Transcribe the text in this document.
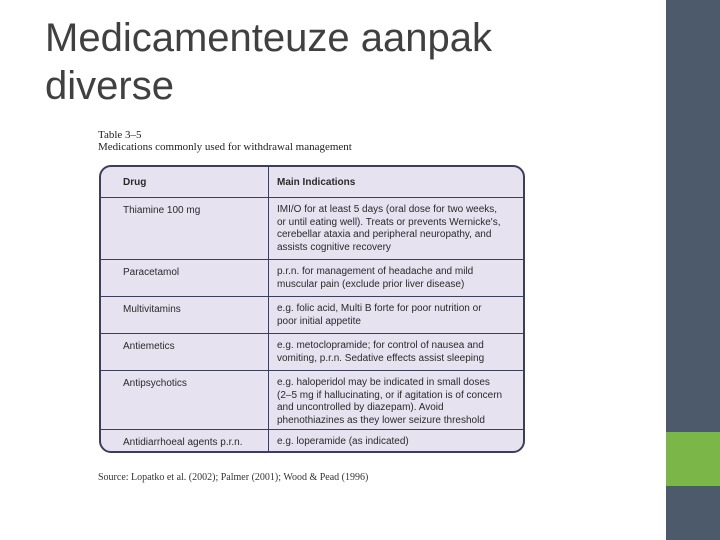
Medicamenteuze aanpak
diverse
Table 3–5
Medications commonly used for withdrawal management
Drug	Main Indications
Thiamine 100 mg	IMI/O for at least 5 days (oral dose for two weeks,
or until eating well). Treats or prevents Wernicke's,
cerebellar ataxia and peripheral neuropathy, and
assists cognitive recovery
Paracetamol	p.r.n. for management of headache and mild
muscular pain (exclude prior liver disease)
Multivitamins	e.g. folic acid, Multi B forte for poor nutrition or
poor initial appetite
Antiemetics	e.g. metoclopramide; for control of nausea and
vomiting, p.r.n. Sedative effects assist sleeping
Antipsychotics	e.g. haloperidol may be indicated in small doses
(2–5 mg if hallucinating, or if agitation is of concern
and uncontrolled by diazepam). Avoid
phenothiazines as they lower seizure threshold
Antidiarrhoeal agents p.r.n.	e.g. loperamide (as indicated)
Source: Lopatko et al. (2002); Palmer (2001); Wood & Pead (1996)
